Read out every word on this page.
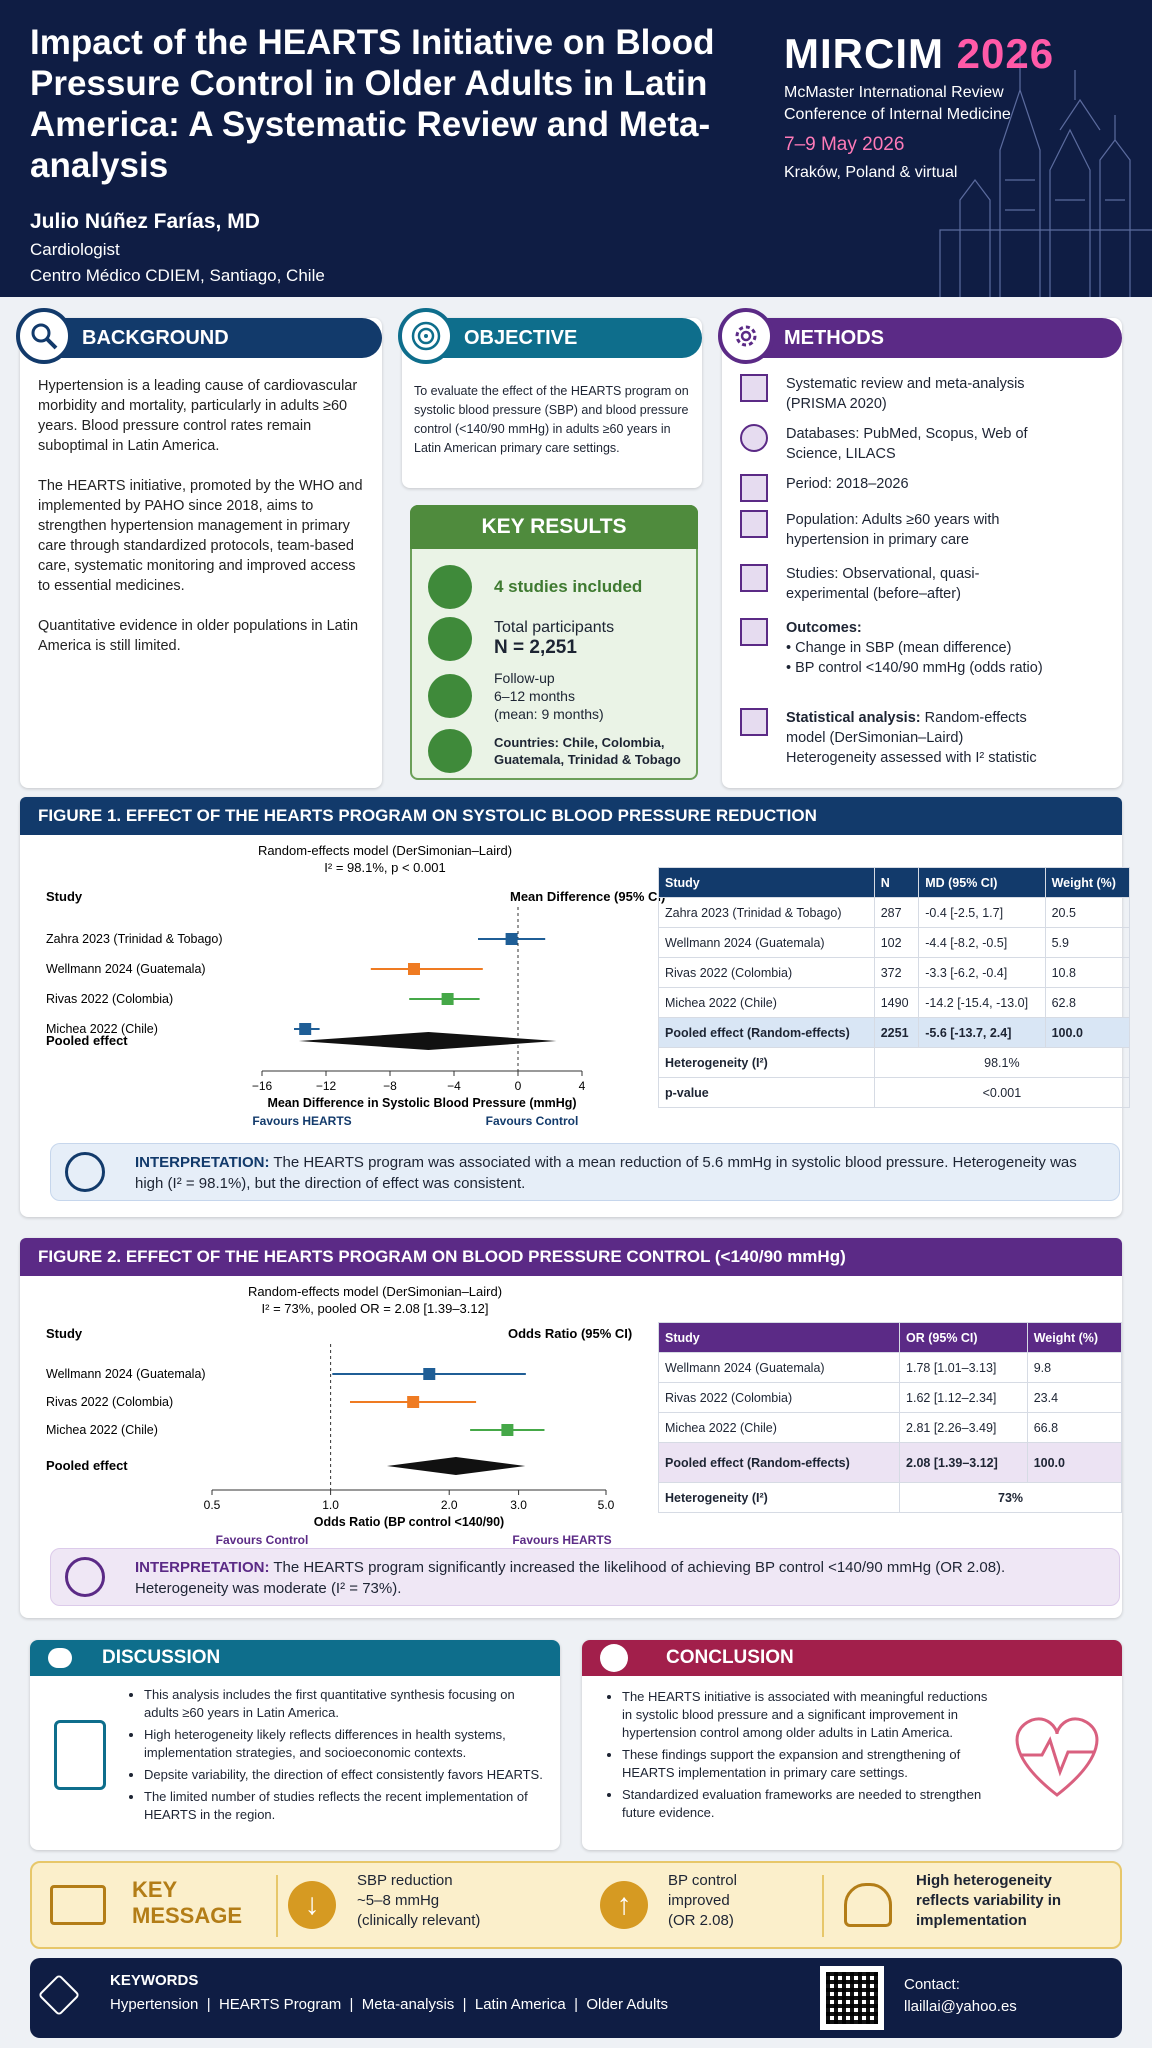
Impact of the HEARTS Initiative on Blood Pressure Control in Older Adults in Latin America: A Systematic Review and Meta-analysis
Julio Núñez Farías, MD
Cardiologist
Centro Médico CDIEM, Santiago, Chile
MIRCIM 2026
McMaster International Review Conference of Internal Medicine
7–9 May 2026
Kraków, Poland & virtual
BACKGROUND

Hypertension is a leading cause of cardiovascular morbidity and mortality, particularly in adults ≥60 years. Blood pressure control rates remain suboptimal in Latin America.

The HEARTS initiative, promoted by the WHO and implemented by PAHO since 2018, aims to strengthen hypertension management in primary care through standardized protocols, team-based care, systematic monitoring and improved access to essential medicines.

Quantitative evidence in older populations in Latin America is still limited.

OBJECTIVE
To evaluate the effect of the HEARTS program on systolic blood pressure (SBP) and blood pressure control (<140/90 mmHg) in adults ≥60 years in Latin American primary care settings.
KEY RESULTS
4 studies included
Total participants
N = 2,251
Follow-up
6–12 months
(mean: 9 months)
Countries: Chile, Colombia, Guatemala, Trinidad & Tobago
METHODS
Systematic review and meta-analysis (PRISMA 2020)
Databases: PubMed, Scopus, Web of Science, LILACS
Period: 2018–2026
Population: Adults ≥60 years with hypertension in primary care
Studies: Observational, quasi-experimental (before–after)
Outcomes:
• Change in SBP (mean difference)
• BP control <140/90 mmHg (odds ratio)
Statistical analysis: Random-effects model (DerSimonian–Laird)
Heterogeneity assessed with I² statistic
FIGURE 1. EFFECT OF THE HEARTS PROGRAM ON SYSTOLIC BLOOD PRESSURE REDUCTION
Random-effects model (DerSimonian–Laird)
I² = 98.1%, p < 0.001
Study	Mean Difference (95% CI)
Zahra 2023 (Trinidad & Tobago)
Wellmann 2024 (Guatemala)
Rivas 2022 (Colombia)
Michea 2022 (Chile)
Pooled effect
−16	−12	−8	−4	0	4
Mean Difference in Systolic Blood Pressure (mmHg)
Favours HEARTS	Favours Control
Study	N	MD (95% CI)	Weight (%)
Zahra 2023 (Trinidad & Tobago)	287	-0.4 [-2.5, 1.7]	20.5
Wellmann 2024 (Guatemala)	102	-4.4 [-8.2, -0.5]	5.9
Rivas 2022 (Colombia)	372	-3.3 [-6.2, -0.4]	10.8
Michea 2022 (Chile)	1490	-14.2 [-15.4, -13.0]	62.8
Pooled effect (Random-effects)	2251	-5.6 [-13.7, 2.4]	100.0
Heterogeneity (I²)	98.1%		
p-value	<0.001		
INTERPRETATION: The HEARTS program was associated with a mean reduction of 5.6 mmHg in systolic blood pressure. Heterogeneity was high (I² = 98.1%), but the direction of effect was consistent.
FIGURE 2. EFFECT OF THE HEARTS PROGRAM ON BLOOD PRESSURE CONTROL (<140/90 mmHg)
Random-effects model (DerSimonian–Laird)
I² = 73%, pooled OR = 2.08 [1.39–3.12]
Study	Odds Ratio (95% CI)
Wellmann 2024 (Guatemala)
Rivas 2022 (Colombia)
Michea 2022 (Chile)
Pooled effect
0.5	1.0	2.0	3.0	5.0
Odds Ratio (BP control <140/90)
Favours Control	Favours HEARTS
Study	OR (95% CI)	Weight (%)
Wellmann 2024 (Guatemala)	1.78 [1.01–3.13]	9.8
Rivas 2022 (Colombia)	1.62 [1.12–2.34]	23.4
Michea 2022 (Chile)	2.81 [2.26–3.49]	66.8
Pooled effect (Random-effects)	2.08 [1.39–3.12]	100.0
Heterogeneity (I²)	73%	
INTERPRETATION: The HEARTS program significantly increased the likelihood of achieving BP control <140/90 mmHg (OR 2.08). Heterogeneity was moderate (I² = 73%).
DISCUSSION
• This analysis includes the first quantitative synthesis focusing on adults ≥60 years in Latin America.
• High heterogeneity likely reflects differences in health systems, implementation strategies, and socioeconomic contexts.
• Depsite variability, the direction of effect consistently favors HEARTS.
• The limited number of studies reflects the recent implementation of HEARTS in the region.
CONCLUSION
• The HEARTS initiative is associated with meaningful reductions in systolic blood pressure and a significant improvement in hypertension control among older adults in Latin America.
• These findings support the expansion and strengthening of HEARTS implementation in primary care settings.
• Standardized evaluation frameworks are needed to strengthen future evidence.
KEY
MESSAGE	↓
SBP reduction
~5–8 mmHg
(clinically relevant)	↑
BP control
improved
(OR 2.08)
High heterogeneity
reflects variability in
implementation
KEYWORDS
Hypertension  |  HEARTS Program  |  Meta-analysis  |  Latin America  |  Older Adults
Contact:
llaillai@yahoo.es
